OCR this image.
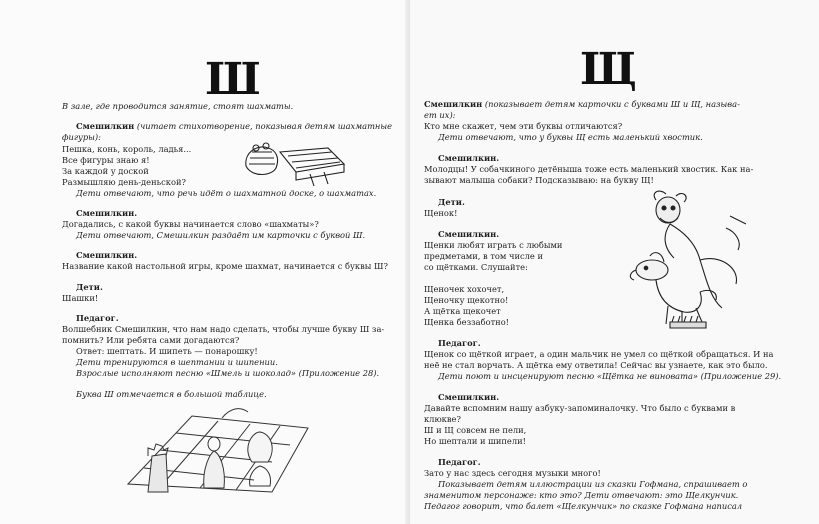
Ш
В зале, где проводится занятие, стоят шахматы.
Смешилкин (читает стихотворение, показывая детям шахматные
фигуры):
Пешка, конь, король, ладья...
Все фигуры знаю я!
За каждой у доской
Размышляю день-деньской?
Дети отвечают, что речь идёт о шахматной доске, о шахматах.
Смешилкин.
Догадались, с какой буквы начинается слово «шахматы»?
Дети отвечают, Смешилкин раздаёт им карточки с буквой Ш.
Смешилкин.
Название какой настольной игры, кроме шахмат, начинается с буквы Ш?
Дети.
Шашки!
Педагог.
Волшебник Смешилкин, что нам надо сделать, чтобы лучше букву Ш за-
помнить? Или ребята сами догадаются?
Ответ: шептать. И шипеть — понарошку!
Дети тренируются в шептании и шипении.
Взрослые исполняют песню «Шмель и шоколад» (Приложение 28).
Буква Ш отмечается в большой таблице.
Щ
Смешилкин (показывает детям карточки с буквами Ш и Щ, называ-
ет их):
Кто мне скажет, чем эти буквы отличаются?
Дети отвечают, что у буквы Щ есть маленький хвостик.
Смешилкин.
Молодцы! У собачкиного детёныша тоже есть маленький хвостик. Как на-
зывают малыша собаки? Подсказываю: на букву Щ!
Дети.
Щенок!
Смешилкин.
Щенки любят играть с любыми
предметами, в том числе и
со щётками. Слушайте:
Щеночек хохочет,
Щеночку щекотно!
А щётка щекочет
Щенка беззаботно!
Педагог.
Щенок со щёткой играет, а один мальчик не умел со щёткой обращаться. И на
неё не стал ворчать. А щётка ему ответила! Сейчас вы узнаете, как это было.
Дети поют и инсценируют песню «Щётка не виновата» (Приложение 29).
Смешилкин.
Давайте вспомним нашу азбуку-запоминалочку. Что было с буквами в
клюкве?
Ш и Щ совсем не пели,
Но шептали и шипели!
Педагог.
Зато у нас здесь сегодня музыки много!
Показывает детям иллюстрации из сказки Гофмана, спрашивает о
знаменитом персонаже: кто это? Дети отвечают: это Щелкунчик.
Педагог говорит, что балет «Щелкунчик» по сказке Гофмана написал
